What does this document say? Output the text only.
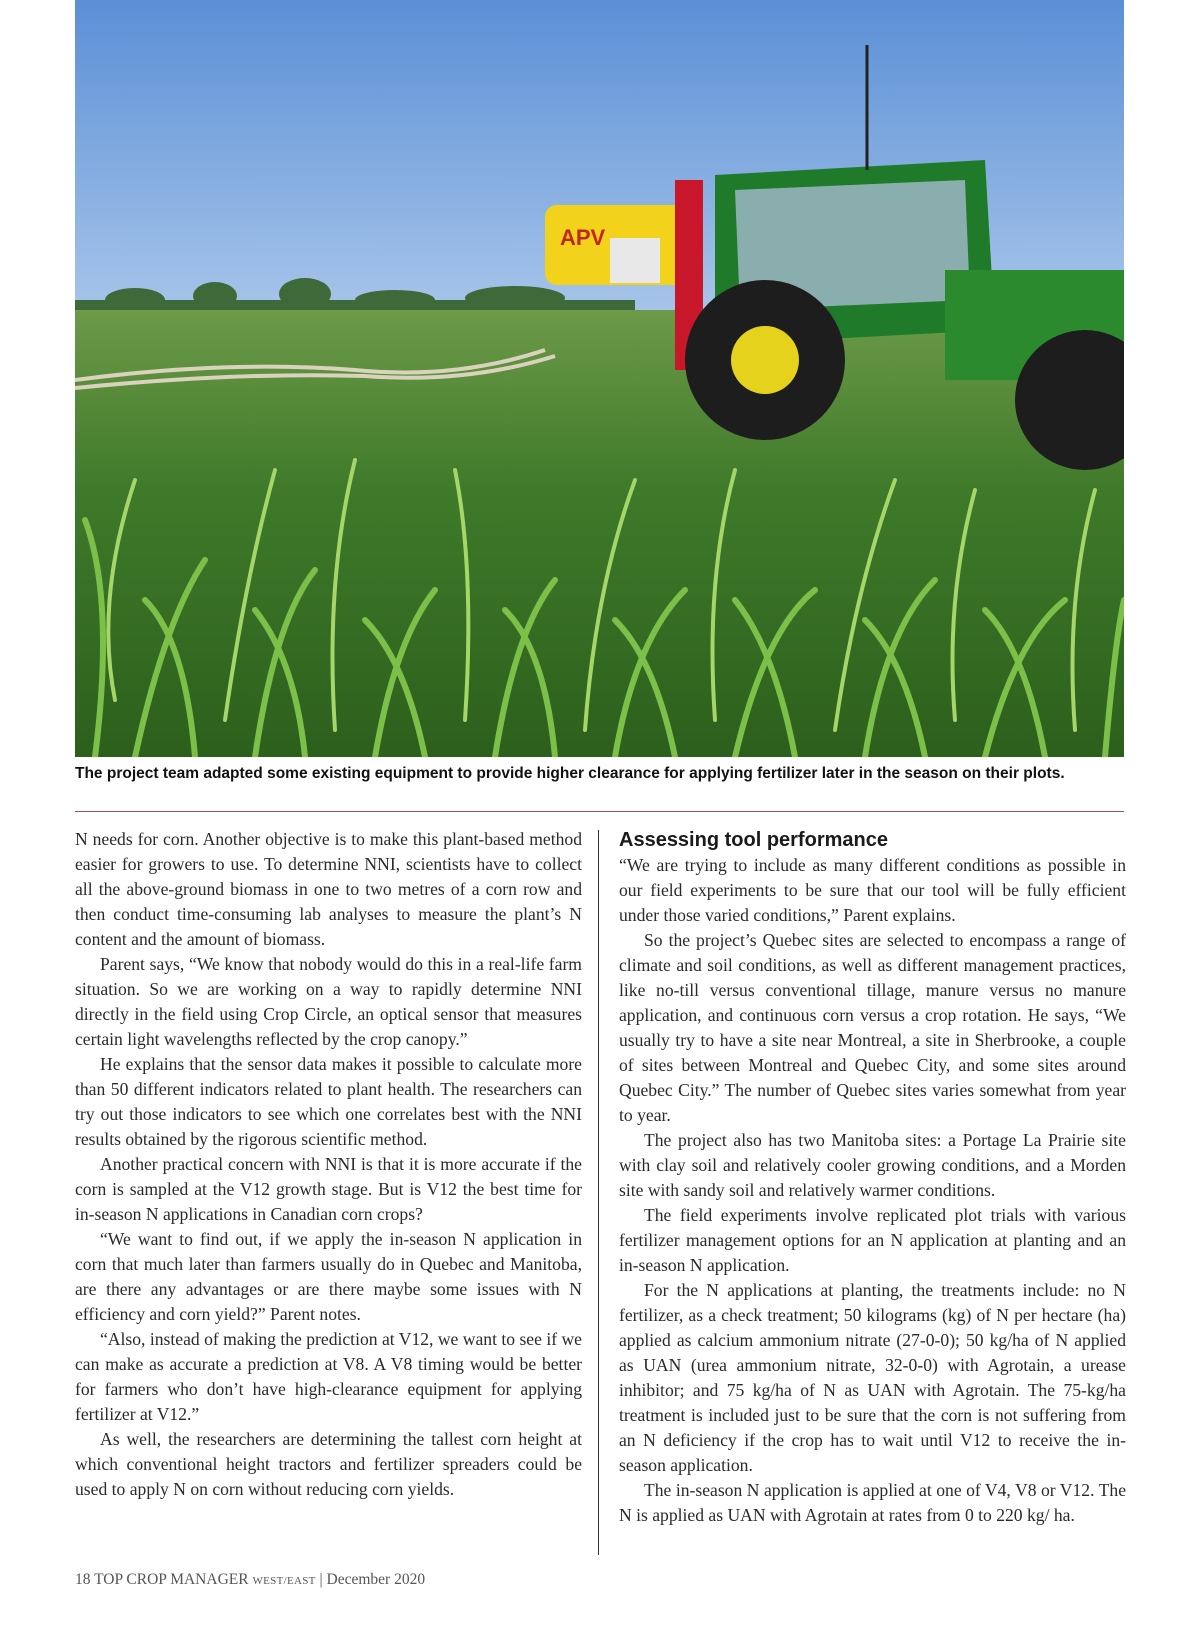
APV
The project team adapted some existing equipment to provide higher clearance for applying fertilizer later in the season on their plots.

N needs for corn. Another objective is to make this plant-based method easier for growers to use. To determine NNI, scientists have to collect all the above-ground biomass in one to two metres of a corn row and then conduct time-consuming lab analyses to measure the plant’s N content and the amount of biomass.

Parent says, “We know that nobody would do this in a real-life farm situation. So we are working on a way to rapidly determine NNI directly in the field using Crop Circle, an optical sensor that measures certain light wavelengths reflected by the crop canopy.”

He explains that the sensor data makes it possible to calculate more than 50 different indicators related to plant health. The researchers can try out those indicators to see which one correlates best with the NNI results obtained by the rigorous scientific method.

Another practical concern with NNI is that it is more accurate if the corn is sampled at the V12 growth stage. But is V12 the best time for in-season N applications in Canadian corn crops?

“We want to find out, if we apply the in-season N application in corn that much later than farmers usually do in Quebec and Manitoba, are there any advantages or are there maybe some issues with N efficiency and corn yield?” Parent notes.

“Also, instead of making the prediction at V12, we want to see if we can make as accurate a prediction at V8. A V8 timing would be better for farmers who don’t have high-clearance equipment for applying fertilizer at V12.”

As well, the researchers are determining the tallest corn height at which conventional height tractors and fertilizer spreaders could be used to apply N on corn without reducing corn yields.

Assessing tool performance

“We are trying to include as many different conditions as possible in our field experiments to be sure that our tool will be fully efficient under those varied conditions,” Parent explains.

So the project’s Quebec sites are selected to encompass a range of climate and soil conditions, as well as different management practices, like no-till versus conventional tillage, manure versus no manure application, and continuous corn versus a crop rotation. He says, “We usually try to have a site near Montreal, a site in Sherbrooke, a couple of sites between Montreal and Quebec City, and some sites around Quebec City.” The number of Quebec sites varies somewhat from year to year.

The project also has two Manitoba sites: a Portage La Prairie site with clay soil and relatively cooler growing conditions, and a Morden site with sandy soil and relatively warmer conditions.

The field experiments involve replicated plot trials with various fertilizer management options for an N application at planting and an in-season N application.

For the N applications at planting, the treatments include: no N fertilizer, as a check treatment; 50 kilograms (kg) of N per hectare (ha) applied as calcium ammonium nitrate (27-0-0); 50 kg/ha of N applied as UAN (urea ammonium nitrate, 32-0-0) with Agrotain, a urease inhibitor; and 75 kg/ha of N as UAN with Agrotain. The 75-kg/ha treatment is included just to be sure that the corn is not suffering from an N deficiency if the crop has to wait until V12 to receive the in-season application.

The in-season N application is applied at one of V4, V8 or V12. The N is applied as UAN with Agrotain at rates from 0 to 220 kg/ ha.

18 TOP CROP MANAGER WEST/EAST | December 2020
